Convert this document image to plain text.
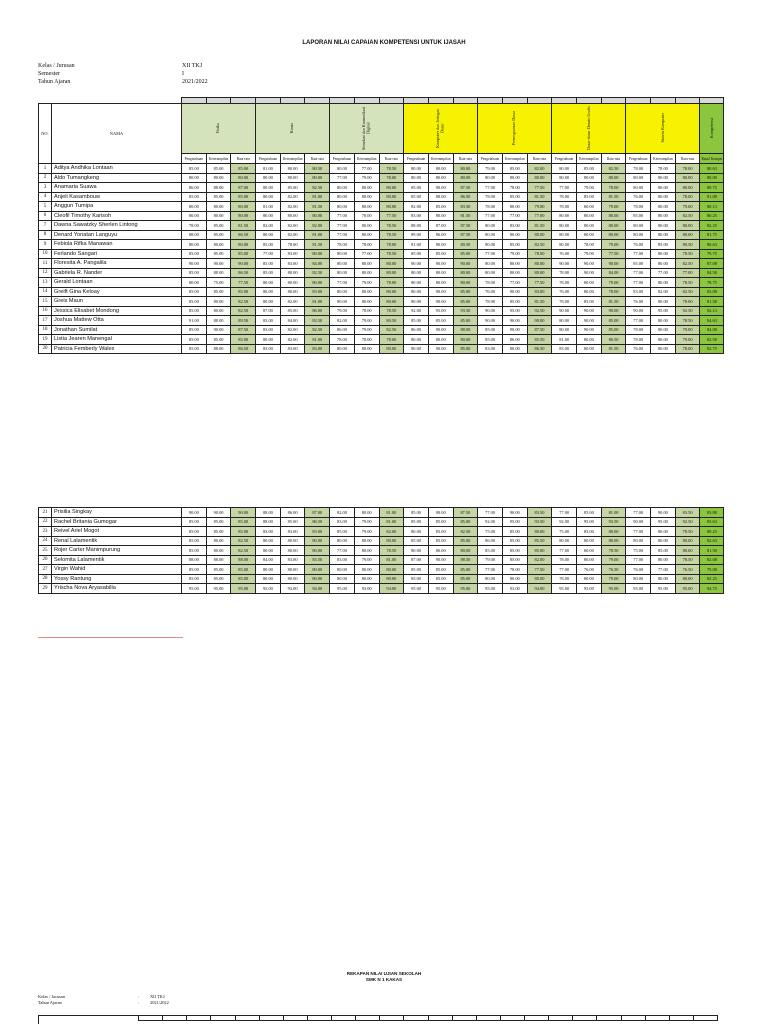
LAPORAN NILAI CAPAIAN KOMPETENSI UNTUK IJASAH
Kelas / Jurusan	XII TKJ
Semester	I
Tahun Ajaran	2021/2022

NO.	NAMA	Fisika			Kimia			Simulasi dan Komunikasi Digital			Komputer dan Jaringan Dasar			Pemrograman Dasar			Dasar-dasar Desain Grafis			Sistem Komputer			Kompetensi
		Pengetahuan	Keterampilan	Rata-rata	Pengetahuan	Keterampilan	Rata-rata	Pengetahuan	Keterampilan	Rata-rata	Pengetahuan	Keterampilan	Rata-rata	Pengetahuan	Keterampilan	Rata-rata	Pengetahuan	Keterampilan	Rata-rata	Pengetahuan	Keterampilan	Rata-rata	Rata2 Kompet
1	Aditya Andhika Lontaan	85.00	85.00	85.00	81.00	80.00	80.50	80.00	77.00	78.50	80.00	80.00	80.00	79.00	85.00	82.00	80.00	85.00	82.50	78.00	78.00	78.00	80.63
2	Aldo Tumangkeng	80.00	80.00	80.00	80.00	80.00	80.00	77.00	79.00	78.00	80.00	80.00	80.00	80.00	80.00	80.00	80.00	80.00	80.00	80.00	80.00	80.00	80.00
3	Anamaria Suawa	86.00	88.00	87.00	80.00	85.00	82.50	80.00	80.00	80.00	85.00	90.00	87.50	77.00	78.00	77.50	77.00	79.00	78.00	80.00	80.00	80.00	80.75
4	Anjeli Kasambouw	85.00	85.00	85.00	80.00	82.00	81.00	80.00	80.00	80.00	85.00	88.00	86.50	78.00	85.00	81.50	78.00	85.00	81.50	76.00	80.00	78.00	81.08
5	Anggun Tumipa	80.00	80.00	80.00	81.00	82.00	81.50	80.00	80.00	80.00	82.00	85.00	83.50	78.00	80.00	79.00	78.00	80.00	79.00	78.00	80.00	79.00	80.13
6	Cleofil Timothy Karisoh	80.00	80.00	80.00	80.00	80.00	80.00	77.00	78.00	77.50	83.00	80.00	81.50	77.00	77.00	77.00	80.00	80.00	80.00	85.00	80.00	82.50	80.25
7	Dawna Sawatzky Sherlen Lintong	78.00	85.00	81.50	82.00	82.00	82.00	77.00	80.00	78.50	88.00	87.00	87.50	80.00	83.00	81.50	80.00	80.00	80.00	80.00	80.00	80.00	82.25
8	Denard Yonatan Languyu	88.00	85.00	86.50	80.00	82.00	81.00	77.00	80.00	78.50	89.00	86.00	87.50	80.00	80.00	80.00	80.00	80.00	80.00	80.00	80.00	80.00	81.75
9	Febiola Rifka Manawan	80.00	80.00	80.00	85.00	78.00	81.50	78.00	78.00	78.00	81.00	80.00	80.50	80.00	85.00	82.50	80.00	78.00	79.00	76.00	85.00	80.50	80.63
10	Ferlando Sangari	85.00	85.00	85.00	77.00	83.00	80.00	80.00	77.00	78.50	85.00	85.00	85.00	77.00	79.00	78.00	76.00	79.00	77.50	77.00	80.00	78.50	79.75
11	Floresita A. Pangalila	90.00	90.00	90.00	85.00	83.00	84.00	80.00	80.00	80.00	90.00	90.00	90.00	80.00	80.00	80.00	90.00	90.00	90.00	85.00	80.00	82.50	87.08
12	Gabriela R. Nander	85.00	88.00	86.50	85.00	80.00	82.50	80.00	80.00	80.00	80.00	80.00	80.00	80.00	80.00	80.00	78.00	90.00	84.00	77.00	77.00	77.00	84.58
13	Gerald Lontaan	80.00	75.00	77.50	80.00	80.00	80.00	77.00	79.00	78.00	80.00	80.00	80.00	78.00	77.00	77.50	78.00	80.00	79.00	77.00	80.00	78.50	78.75
14	Greift Gina Keloay	85.00	85.00	85.00	86.00	80.00	83.00	80.00	80.00	80.00	80.00	90.00	85.00	76.00	90.00	83.00	76.00	80.00	78.00	83.00	82.00	82.50	83.08
15	Greis Maun	85.00	80.00	82.50	80.00	82.00	81.00	80.00	80.00	80.00	80.00	90.00	85.00	78.00	85.00	81.50	78.00	85.00	81.50	76.00	80.00	78.00	81.58
16	Jessica Elisabet Mondong	85.00	80.00	82.50	87.00	85.00	86.00	79.00	78.00	78.50	92.00	95.00	93.50	90.00	95.00	92.50	90.00	90.00	90.00	90.00	95.00	92.50	92.13
17	Joshua Mattew Otta	91.00	88.00	89.50	83.00	84.00	83.50	82.00	79.00	80.50	85.00	85.00	85.00	90.00	90.00	90.00	80.00	90.00	85.00	77.00	80.00	78.50	84.63
18	Jonathan Sumilat	85.00	90.00	87.50	83.00	82.00	82.50	86.00	79.00	82.50	86.00	90.00	88.00	85.00	90.00	87.50	80.00	90.00	85.00	78.00	80.00	79.00	84.08
19	Listia Jearen Manengal	85.00	85.00	85.00	80.00	82.00	81.00	78.00	78.00	78.00	80.00	80.00	80.00	85.00	86.00	85.50	81.00	80.00	80.50	78.00	80.00	79.00	82.58
20	Patricia Femberly Wales	85.00	88.00	86.50	83.00	83.00	83.00	80.00	80.00	80.00	80.00	90.00	85.00	83.00	80.00	86.50	83.00	80.00	81.50	76.00	80.00	78.00	82.75
21	Prisilia Singkay	90.00	90.00	90.00	88.00	86.00	87.00	82.00	80.00	81.00	85.00	90.00	87.50	77.00	90.00	83.50	77.00	85.00	81.00	77.00	90.00	83.50	83.88
22	Rachel Britania Gumogar	85.00	85.00	85.00	88.00	85.00	86.50	83.00	79.00	81.00	85.00	85.00	85.00	92.00	95.00	93.50	92.00	95.00	93.50	90.00	95.00	92.50	83.63
23	Reivel Ariel Mogot	85.00	85.00	85.00	83.00	83.00	83.00	85.00	79.00	82.00	80.00	85.00	82.50	75.00	85.00	80.00	75.00	85.00	80.00	77.00	80.00	78.50	80.25
24	Renal Lalamentik	85.00	80.00	82.50	80.00	80.00	80.00	80.00	80.00	80.00	85.00	85.00	85.00	86.00	85.00	85.50	80.00	80.00	80.00	80.00	80.00	80.00	82.63
25	Rojer Carter Manimpurung	85.00	80.00	82.50	80.00	80.00	80.00	77.00	80.00	78.50	80.00	80.00	80.00	85.00	85.00	85.00	77.00	80.00	78.50	75.00	85.00	80.00	81.50
26	Selomita Lalamentik	88.00	88.00	88.00	84.00	83.00	83.50	83.00	79.00	81.00	87.00	90.00	88.50	79.00	85.00	82.00	78.00	80.00	79.00	77.00	80.00	78.50	82.08
27	Virgin Wahid	85.00	85.00	85.00	80.00	80.00	80.00	80.00	80.00	80.00	85.00	85.00	85.00	77.00	78.00	77.50	77.00	76.00	76.50	76.00	77.00	76.50	79.08
28	Yossy Rantung	85.00	85.00	85.00	80.00	80.00	80.00	80.00	80.00	80.00	85.00	85.00	85.00	80.00	80.00	80.00	78.00	80.00	79.00	80.00	80.00	80.00	82.25
29	Yrischa Nova Aryasabilla	95.00	95.00	95.00	95.00	93.00	94.00	95.00	93.00	94.00	95.00	95.00	95.00	95.00	93.00	94.00	95.00	95.00	95.00	95.00	95.00	95.00	94.75
REKAPAN NILAI UJIAN SEKOLAH
SMK N 1 KAKAS
Kelas / Jurusan	:	XII TKJ
Tahun Ajaran	:	2021/2022
